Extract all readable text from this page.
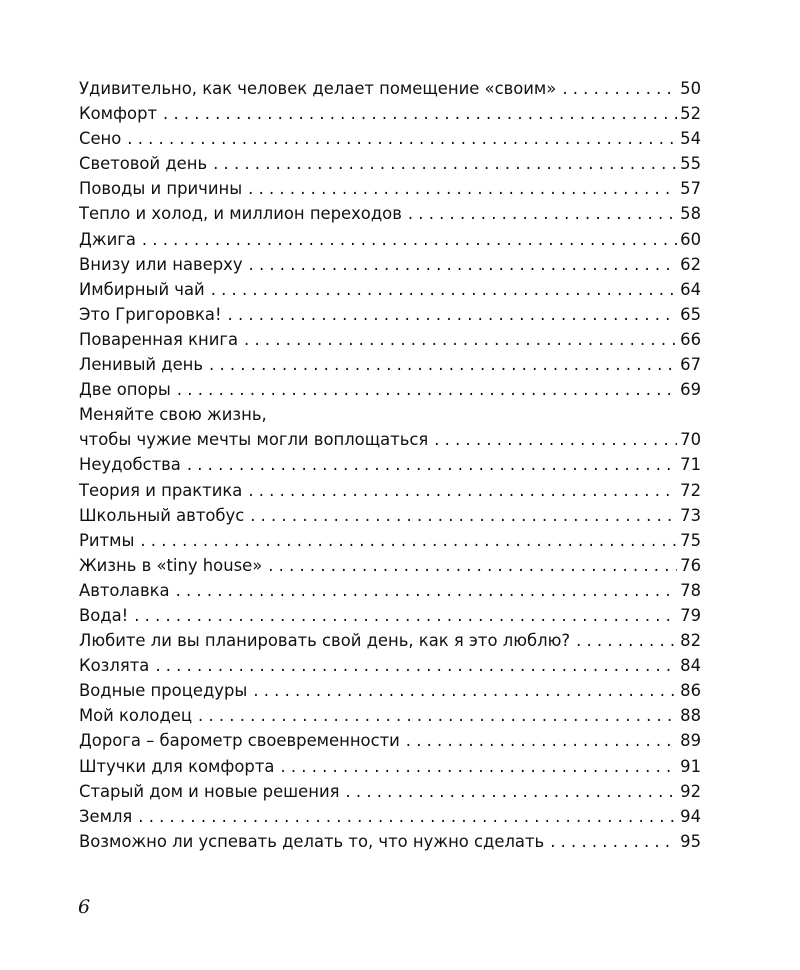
Удивительно, как человек делает помещение «своим» . . .	50
Комфорт . . .	52
Сено . . .	54
Световой день . . .	55
Поводы и причины . . .	57
Тепло и холод, и миллион переходов . . .	58
Джига . . .	60
Внизу или наверху . . .	62
Имбирный чай . . .	64
Это Григоровка! . . .	65
Поваренная книга . . .	66
Ленивый день . . .	67
Две опоры . . .	69
Меняйте свою жизнь,
чтобы чужие мечты могли воплощаться . . .	70
Неудобства . . .	71
Теория и практика . . .	72
Школьный автобус . . .	73
Ритмы . . .	75
Жизнь в «tiny house» . . .	76
Автолавка . . .	78
Вода! . . .	79
Любите ли вы планировать свой день, как я это люблю? . . .	82
Козлята . . .	84
Водные процедуры . . .	86
Мой колодец . . .	88
Дорога – барометр своевременности . . .	89
Штучки для комфорта . . .	91
Старый дом и новые решения . . .	92
Земля . . .	94
Возможно ли успевать делать то, что нужно сделать . . .	95
6
